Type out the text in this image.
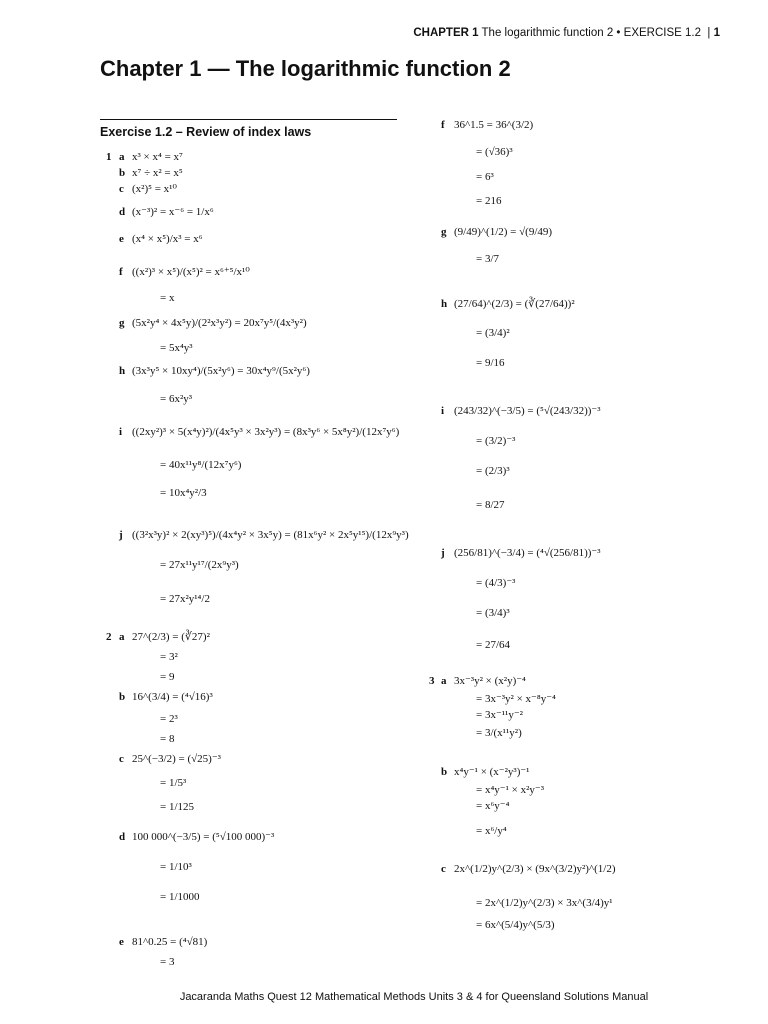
CHAPTER 1 The logarithmic function 2 • EXERCISE 1.2 | 1
Chapter 1 — The logarithmic function 2
Exercise 1.2 – Review of index laws
1 a x³ × x⁴ = x⁷
b x⁷ ÷ x² = x⁵
c (x²)⁵ = x¹⁰
d (x⁻³)² = x⁻⁶ = 1/x⁶
e (x⁴ × x⁵)/x³ = x⁶
f ((x²)³ × x⁵)/(x⁵)² = x⁶⁺⁵/x¹⁰
= x
g (5x²y⁴ × 4x⁵y)/(2²x³y²) = 20x⁷y⁵/(4x³y²)
= 5x⁴y³
h (3x³y⁵ × 10xy⁴)/(5x²y⁶) = 30x⁴y⁹/(5x²y⁶)
= 6x²y³
i ((2xy²)³ × 5(x⁴y)²)/(4x⁵y³ × 3x²y³) = (8x³y⁶ × 5x⁸y²)/(12x⁷y⁶)
= 40x¹¹y⁸/(12x⁷y⁶)
= 10x⁴y²/3
j ((3²x³y)² × 2(xy³)⁵)/(4x⁴y² × 3x⁵y) = (81x⁶y² × 2x⁵y¹⁵)/(12x⁹y³)
= 27x¹¹y¹⁷/(2x⁹y³)
= 27x²y¹⁴/2
2 a 27^(2/3) = (∛27)²
= 3²
= 9
b 16^(3/4) = (⁴√16)³
= 2³
= 8
c 25^(−3/2) = (√25)⁻³
= 1/5³
= 1/125
d 100 000^(−3/5) = (⁵√100 000)⁻³
= 1/10³
= 1/1000
e 81^0.25 = (⁴√81)
= 3
f 36^1.5 = 36^(3/2)
= (√36)³
= 6³
= 216
g (9/49)^(1/2) = √(9/49)
= 3/7
h (27/64)^(2/3) = (∛(27/64))²
= (3/4)²
= 9/16
i (243/32)^(−3/5) = (⁵√(243/32))⁻³
= (3/2)⁻³
= (2/3)³
= 8/27
j (256/81)^(−3/4) = (⁴√(256/81))⁻³
= (4/3)⁻³
= (3/4)³
= 27/64
3 a 3x⁻³y² × (x²y)⁻⁴
= 3x⁻³y² × x⁻⁸y⁻⁴
= 3x⁻¹¹y⁻²
= 3/(x¹¹y²)
b x⁴y⁻¹ × (x⁻²y³)⁻¹
= x⁴y⁻¹ × x²y⁻³
= x⁶y⁻⁴
= x⁶/y⁴
c 2x^(1/2)y^(2/3) × (9x^(3/2)y²)^(1/2)
= 2x^(1/2)y^(2/3) × 3x^(3/4)y¹
= 6x^(5/4)y^(5/3)
Jacaranda Maths Quest 12 Mathematical Methods Units 3 & 4 for Queensland Solutions Manual
